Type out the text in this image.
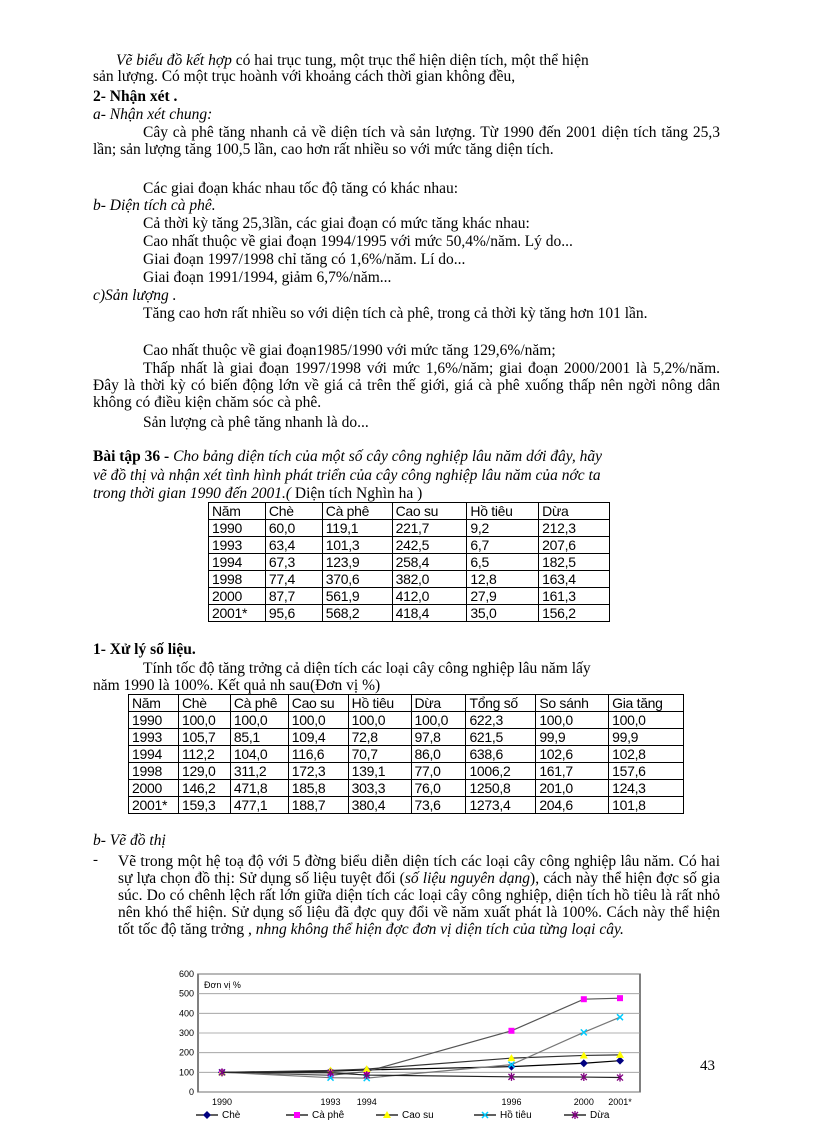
Vẽ biểu đồ kết hợp có hai trục tung, một trục thể hiện diện tích, một thể hiện
sản lượng. Có một trục hoành với khoảng cách thời gian không đều,
2- Nhận xét .
a- Nhận xét chung:
Cây cà phê tăng nhanh cả về diện tích và sản lượng. Từ 1990 đến 2001 diện tích tăng 25,3 lần; sản lượng tăng 100,5 lần, cao hơn rất nhiều so với mức tăng diện tích.
Các giai đoạn khác nhau tốc độ tăng có khác nhau:
b- Diện tích cà phê.
Cả thời kỳ tăng 25,3lần, các giai đoạn có mức tăng khác nhau:
Cao nhất thuộc về giai đoạn 1994/1995 với mức 50,4%/năm. Lý do...
Giai đoạn 1997/1998 chỉ tăng có 1,6%/năm. Lí do...
Giai đoạn 1991/1994, giảm 6,7%/năm...
c)Sản lượng .
Tăng cao hơn rất nhiều so với diện tích cà phê, trong cả thời kỳ tăng hơn 101 lần.
Cao nhất thuộc về giai đoạn1985/1990 với mức tăng 129,6%/năm;
Thấp nhất là giai đoạn 1997/1998 với mức 1,6%/năm; giai đoạn 2000/2001 là 5,2%/năm. Đây là thời kỳ có biến động lớn về giá cả trên thế giới, giá cà phê xuống thấp nên ngời nông dân không có điều kiện chăm sóc cà phê.
Sản lượng cà phê tăng nhanh là do...
Bài tập 36 - Cho bảng diện tích của một số cây công nghiệp lâu năm dới đây, hãy
vẽ đồ thị và nhận xét tình hình phát triển của cây công nghiệp lâu năm của nớc ta
trong thời gian 1990 đến 2001.( Diện tích Nghìn ha )
Năm	Chè	Cà phê	Cao su	Hồ tiêu	Dừa
1990	60,0	119,1	221,7	9,2	212,3
1993	63,4	101,3	242,5	6,7	207,6
1994	67,3	123,9	258,4	6,5	182,5
1998	77,4	370,6	382,0	12,8	163,4
2000	87,7	561,9	412,0	27,9	161,3
2001*	95,6	568,2	418,4	35,0	156,2
1- Xử lý số liệu.
Tính tốc độ tăng trởng cả diện tích các loại cây công nghiệp lâu năm lấy
năm 1990 là 100%. Kết quả nh sau(Đơn vị %)
Năm	Chè	Cà phê	Cao su	Hồ tiêu	Dừa	Tổng số	So sánh	Gia tăng
1990	100,0	100,0	100,0	100,0	100,0	622,3	100,0	100,0
1993	105,7	85,1	109,4	72,8	97,8	621,5	99,9	99,9
1994	112,2	104,0	116,6	70,7	86,0	638,6	102,6	102,8
1998	129,0	311,2	172,3	139,1	77,0	1006,2	161,7	157,6
2000	146,2	471,8	185,8	303,3	76,0	1250,8	201,0	124,3
2001*	159,3	477,1	188,7	380,4	73,6	1273,4	204,6	101,8
b- Vẽ đồ thị
- Vẽ trong một hệ toạ độ với 5 đờng biểu diễn diện tích các loại cây công nghiệp lâu năm. Có hai sự lựa chọn đồ thị: Sử dụng số liệu tuyệt đối (số liệu nguyên dạng), cách này thể hiện đợc số gia súc. Do có chênh lệch rất lớn giữa diện tích các loại cây công nghiệp, diện tích hồ tiêu là rất nhỏ nên khó thể hiện. Sử dụng số liệu đã đợc quy đổi về năm xuất phát là 100%. Cách này thể hiện tốt tốc độ tăng trởng , nhng không thể hiện đợc đơn vị diện tích của từng loại cây.
0
100
200
300
400
500
600
Đơn vị %
1990	1993 1994	1996	2000 2001*
Chè	Cà phê	Cao su	Hồ tiêu	Dừa
43
